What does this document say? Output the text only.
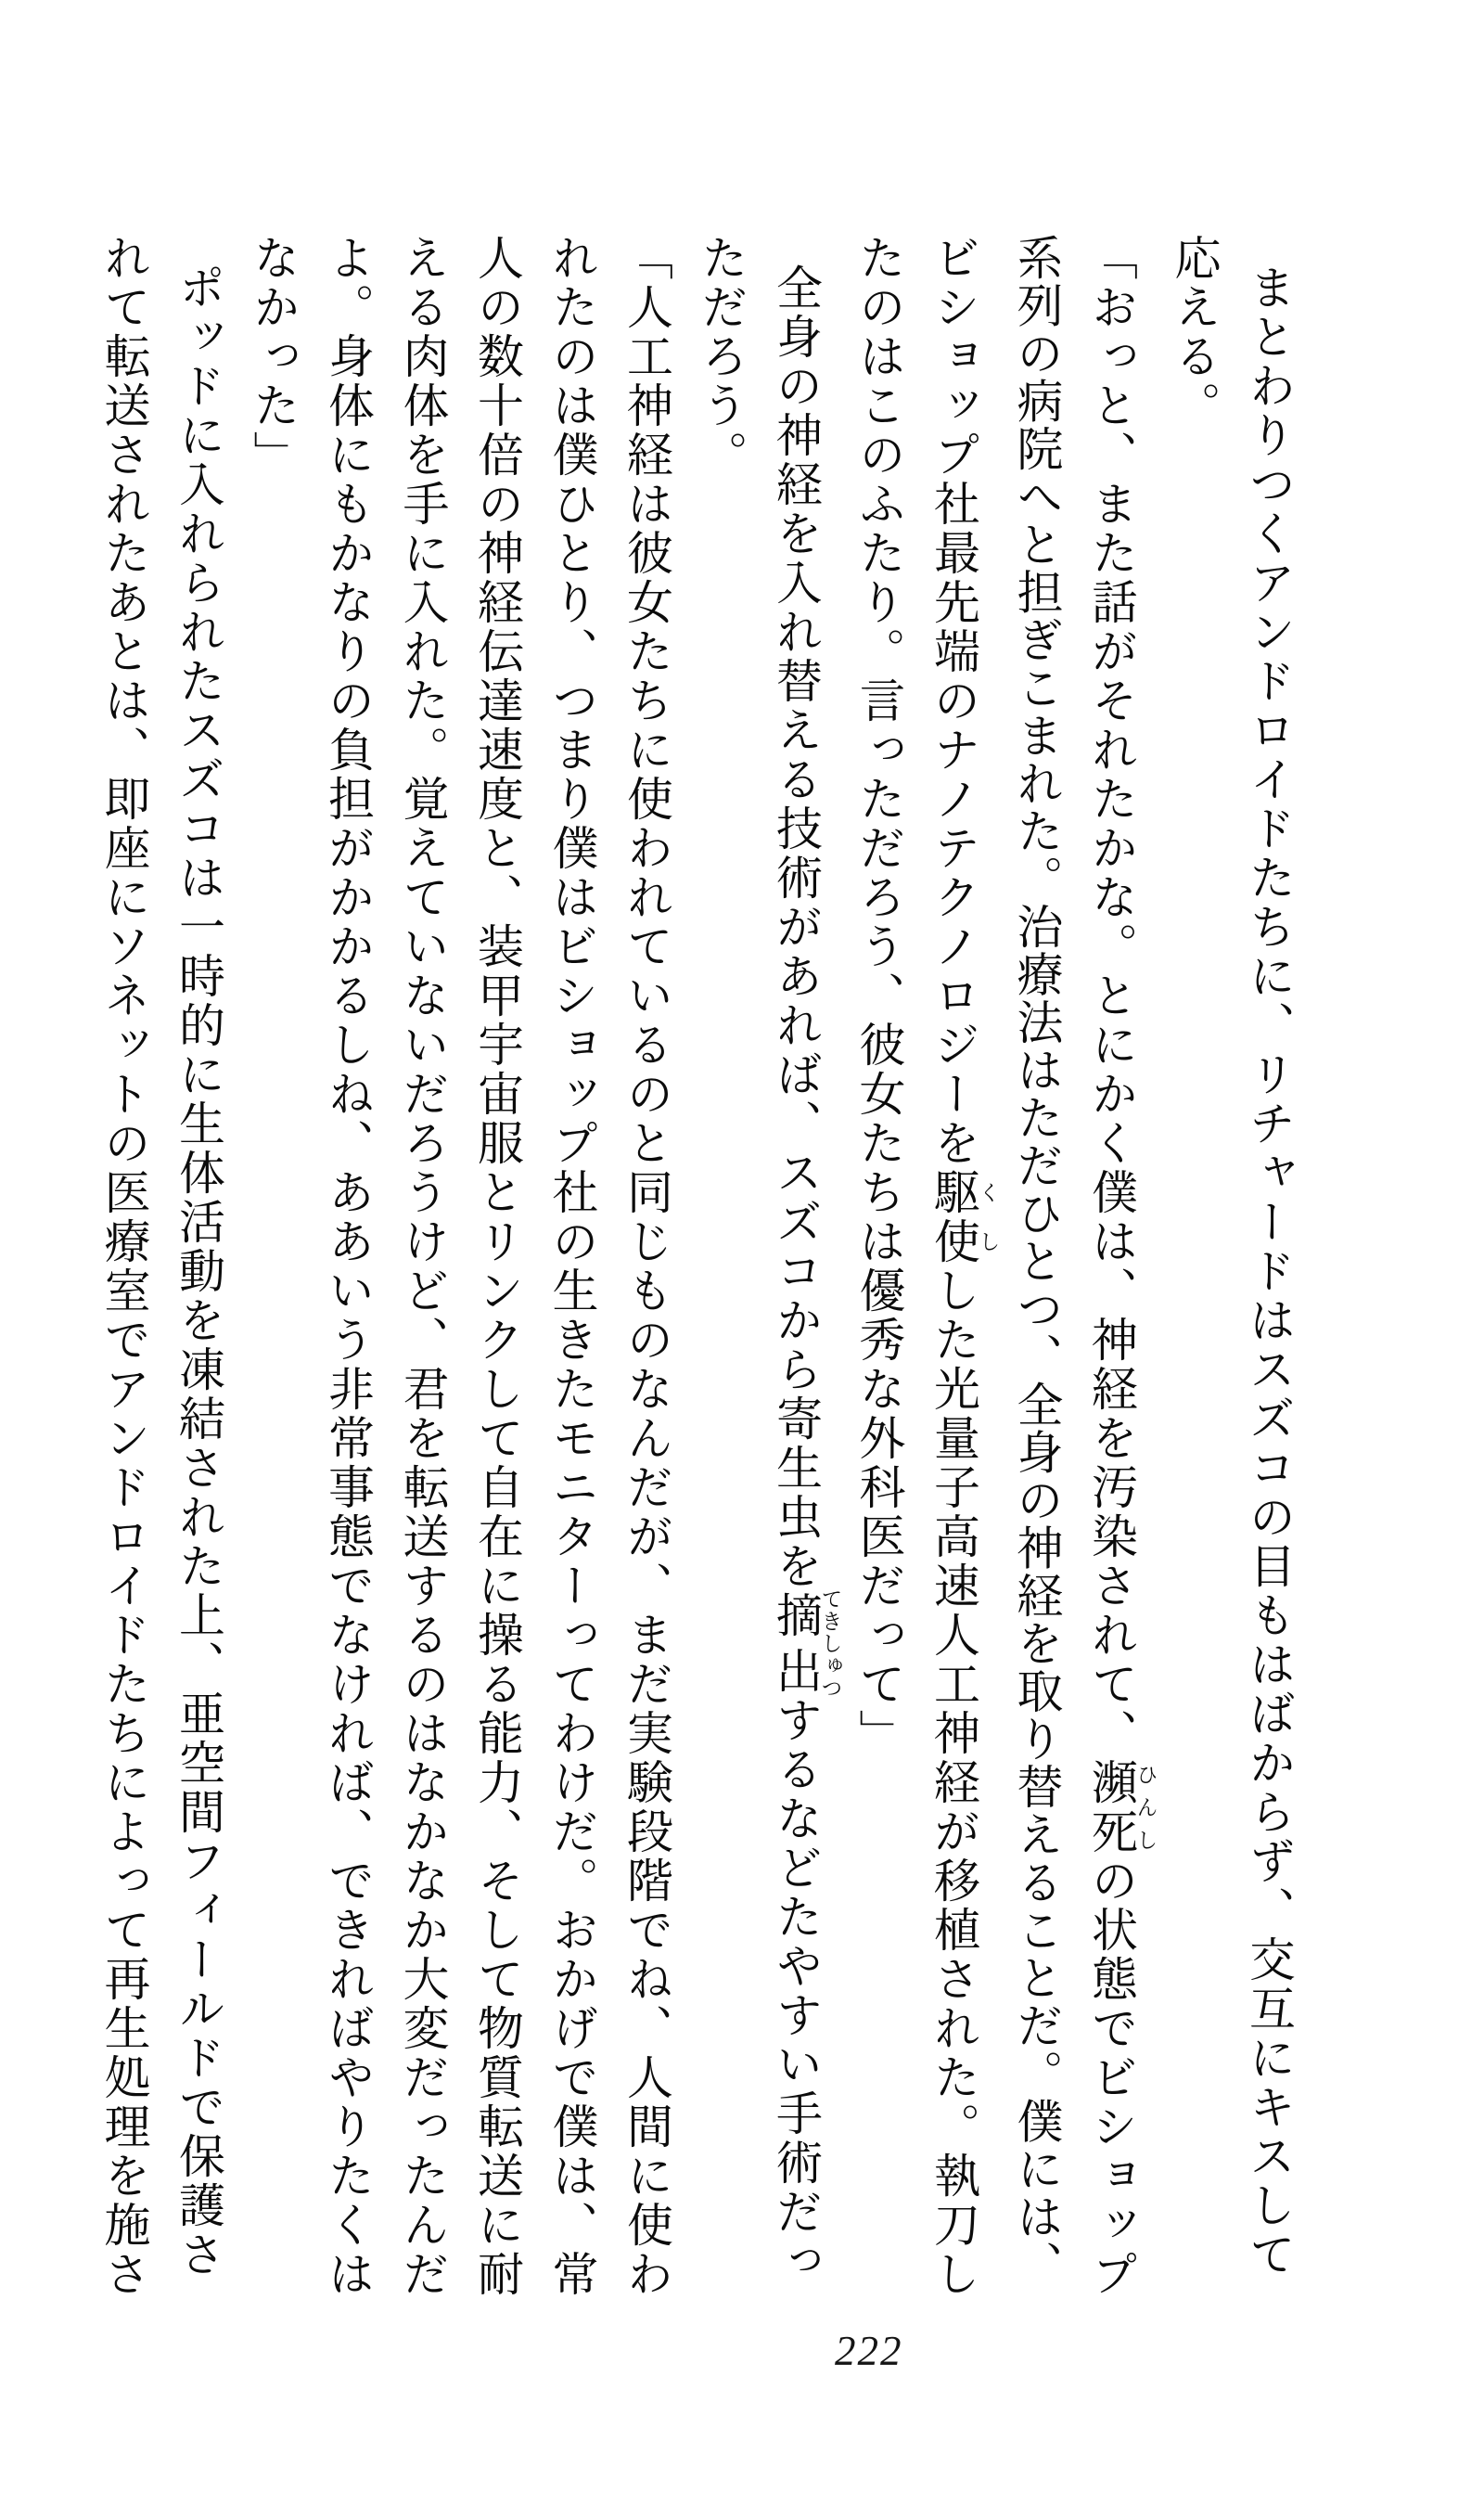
まとわりつくアンドロイドたちに、リチャードはスズコの目もはばからず、交互にキスして
応える。
「おっと、また話がそれたかな。とにかく僕は、神経を汚染されて、瀕死ひんしの状態でビショップ
系列の病院へと担ぎこまれた。治療法はただひとつ、全身の神経を取り替えることだ。僕には、
ビショップ社最先端のナノテクノロジーを駆使くしした光量子高速人工神経が移植された。執刀し
たのはこのふたり。言っただろう、彼女たちは優秀な外科医だって」
全身の神経を入れ替える技術があれば、スズコから寄生虫を摘出てきしゅつするなどたやすい手術だっ
ただろう。
「人工神経は彼女たちに使われているのと同じものなんだが、まだ実験段階でね、人間に使わ
れたのは僕ひとり、つまり僕はビショップ社の生きたモニターってわけだ。おかげで僕は、常
人の数十倍の神経伝達速度と、装甲宇宙服とリンクして自在に操る能力、そして物質転送に耐
える肉体を手に入れた。覚えていないだろうけど、君を転送するのはなかなか大変だったんだ
よ。身体にもかなりの負担がかかるしね、ああいう非常事態でなければ、できればやりたくは
なかった」
ポッドに入れられたスズコは一時的に生体活動を凍結された上、亜空間フィールドで保護さ
れて転送されたあとは、即座にソネットの医療室でアンドロイドたちによって再生処理を施さ
222
